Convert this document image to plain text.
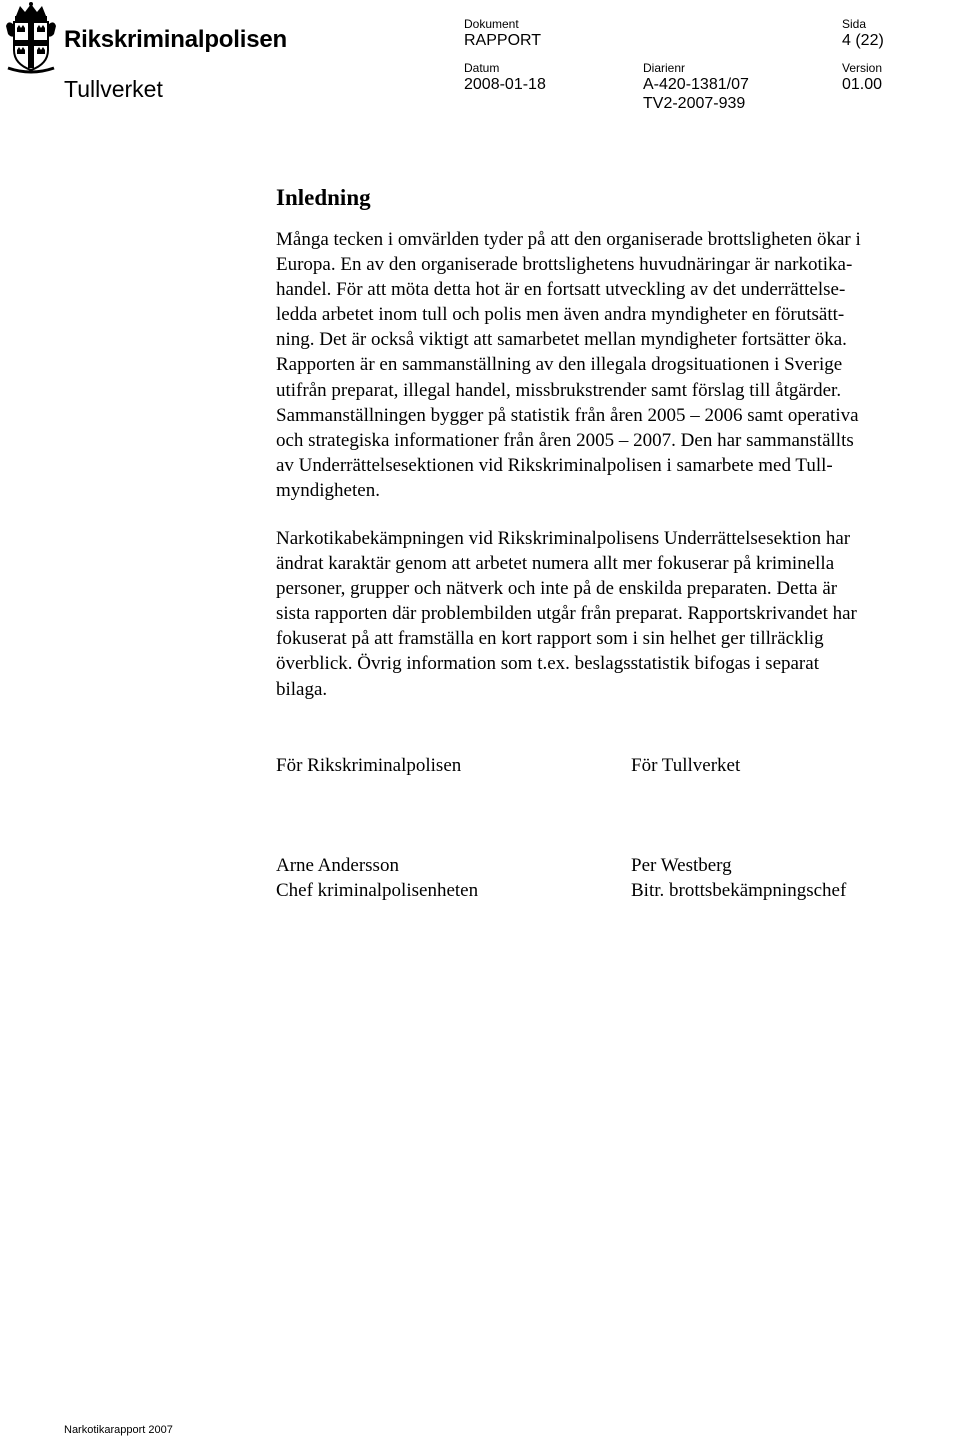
Rikskriminalpolisen
Tullverket
Dokument
RAPPORT
Sida
4 (22)
Datum
2008-01-18
Diarienr
A-420-1381/07
TV2-2007-939
Version
01.00
Inledning
Många tecken i omvärlden tyder på att den organiserade brottsligheten ökar i
Europa. En av den organiserade brottslighetens huvudnäringar är narkotika-
handel. För att möta detta hot är en fortsatt utveckling av det underrättelse-
ledda arbetet inom tull och polis men även andra myndigheter en förutsätt-
ning. Det är också viktigt att samarbetet mellan myndigheter fortsätter öka.
Rapporten är en sammanställning av den illegala drogsituationen i Sverige
utifrån preparat, illegal handel, missbrukstrender samt förslag till åtgärder.
Sammanställningen bygger på statistik från åren 2005 – 2006 samt operativa
och strategiska informationer från åren 2005 – 2007. Den har sammanställts
av Underrättelsesektionen vid Rikskriminalpolisen i samarbete med Tull-
myndigheten.
Narkotikabekämpningen vid Rikskriminalpolisens Underrättelsesektion har
ändrat karaktär genom att arbetet numera allt mer fokuserar på kriminella
personer, grupper och nätverk och inte på de enskilda preparaten. Detta är
sista rapporten där problembilden utgår från preparat. Rapportskrivandet har
fokuserat på att framställa en kort rapport som i sin helhet ger tillräcklig
överblick. Övrig information som t.ex. beslagsstatistik bifogas i separat
bilaga.
För Rikskriminalpolisen	För Tullverket
Arne Andersson
Chef kriminalpolisenheten
Per Westberg
Bitr. brottsbekämpningschef
Narkotikarapport 2007
